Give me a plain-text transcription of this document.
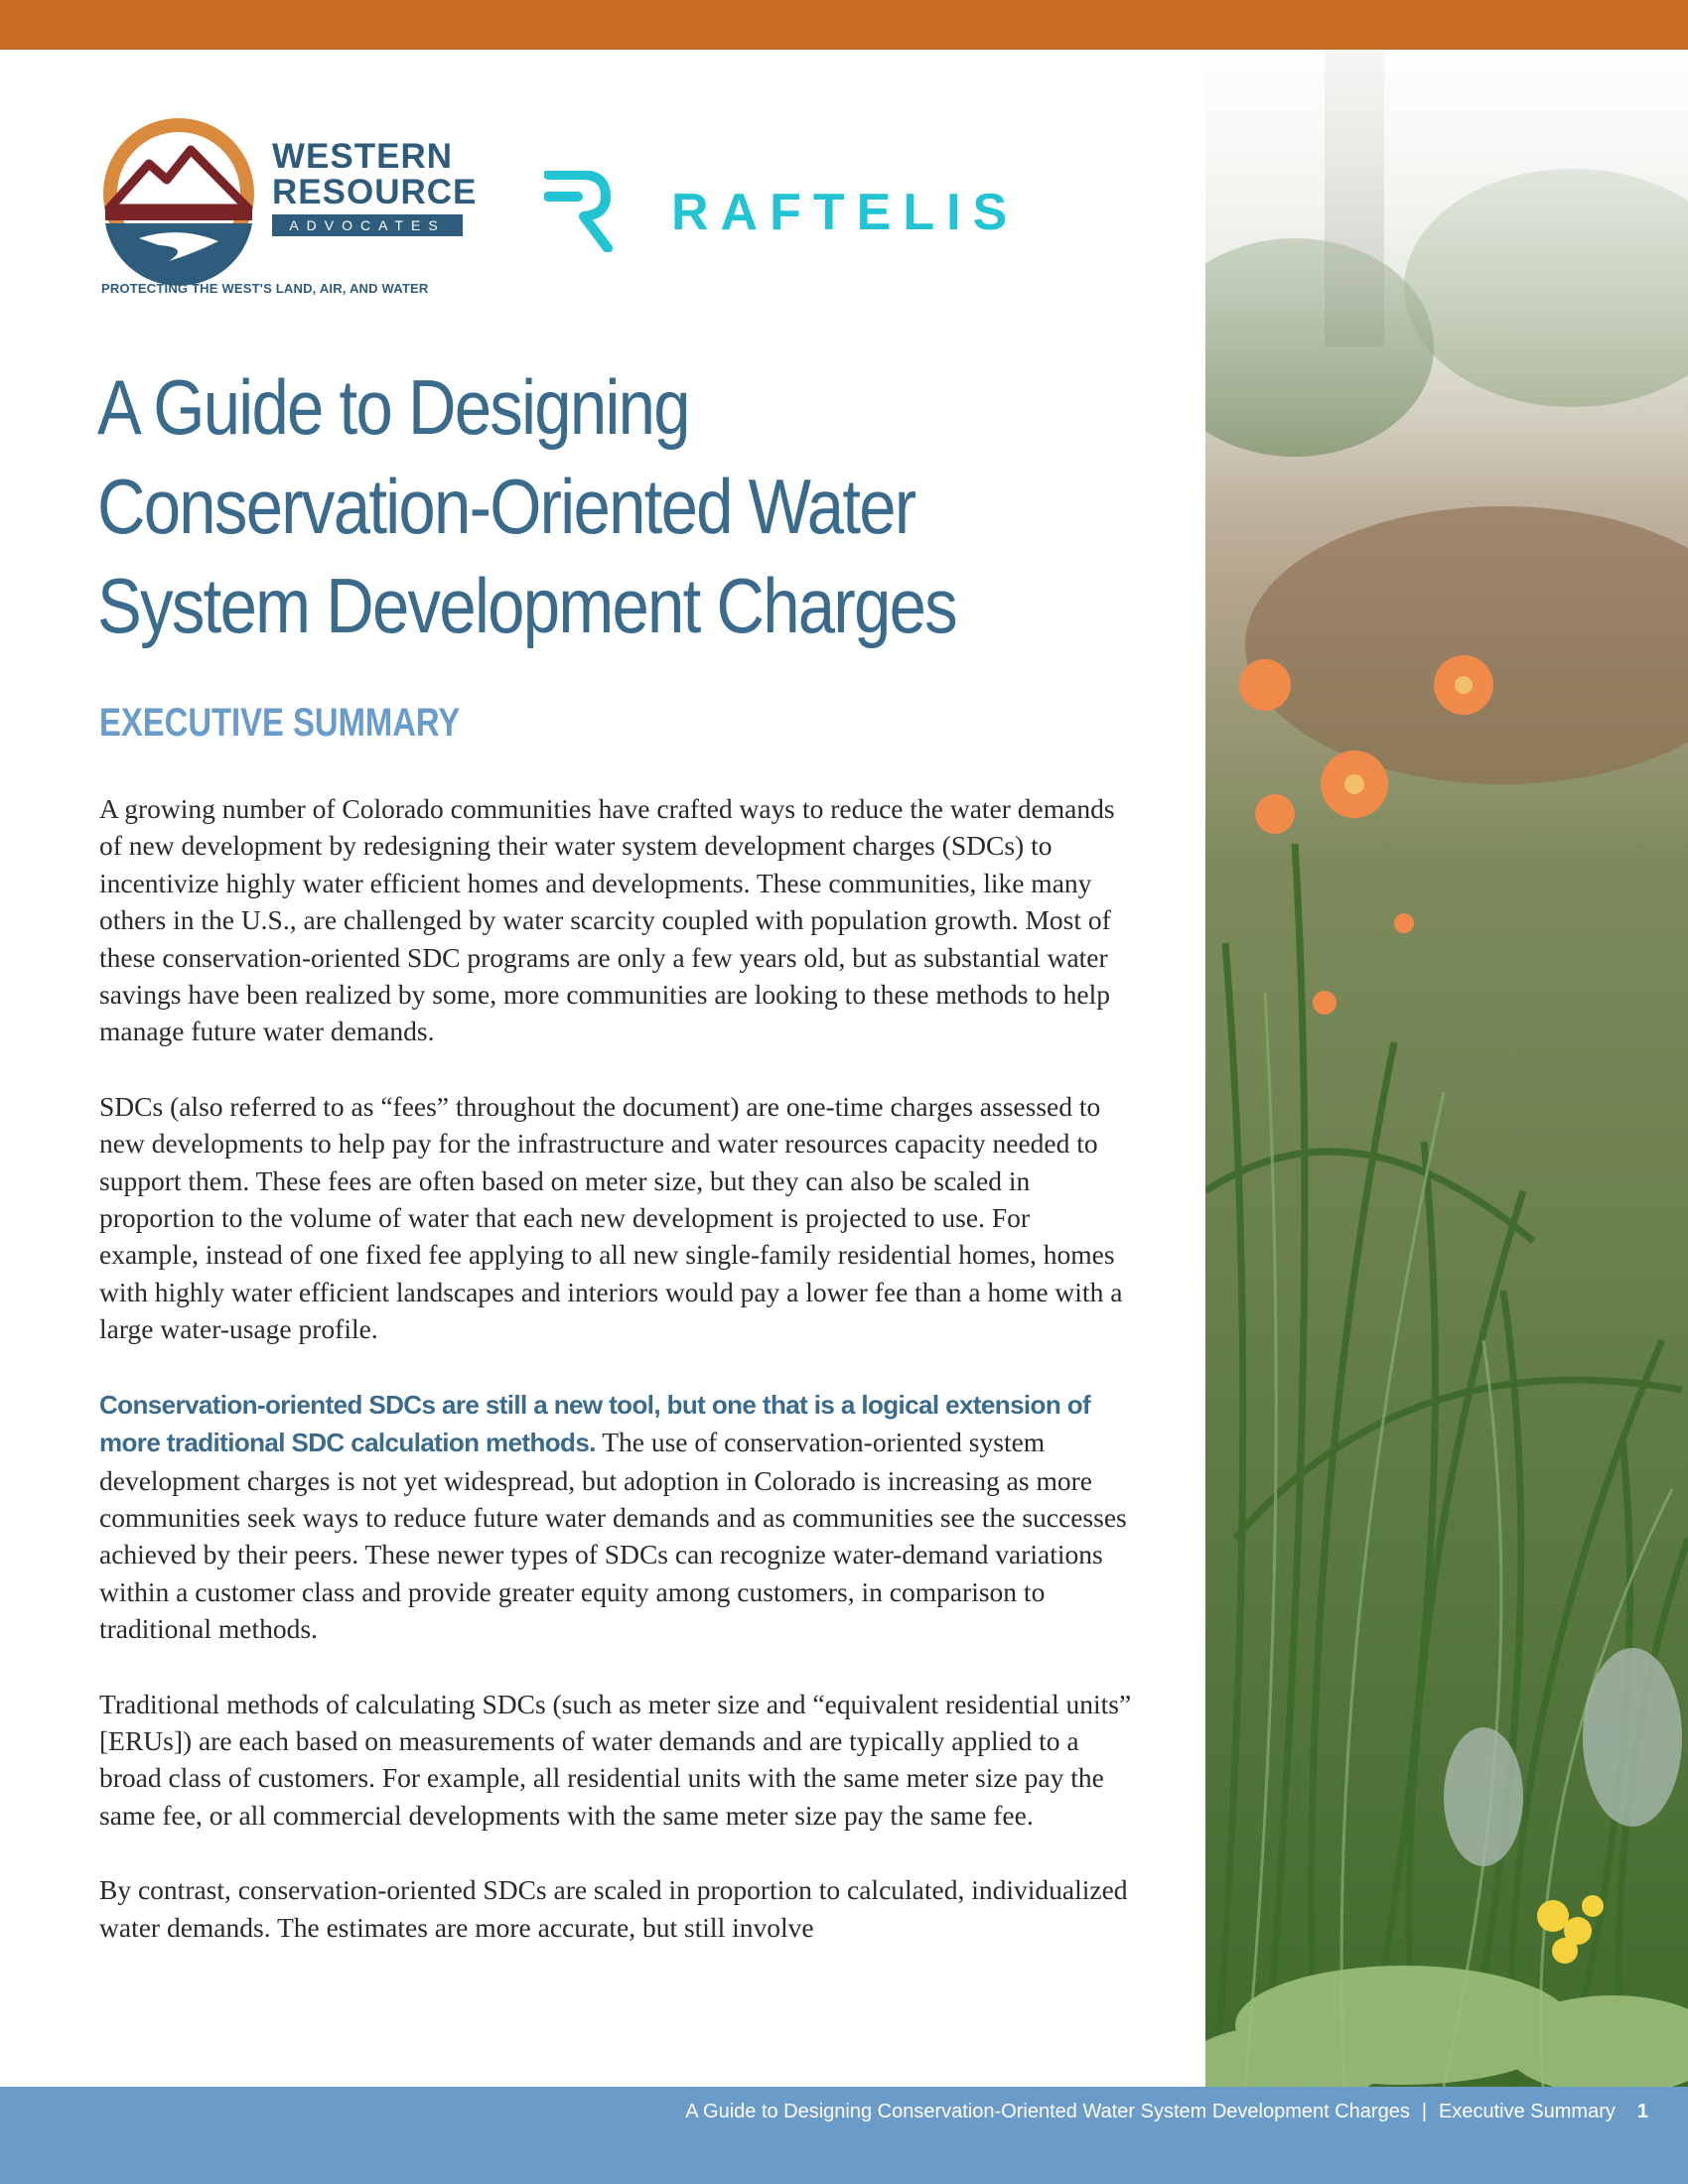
WESTERN
RESOURCE
ADVOCATES
PROTECTING THE WEST'S LAND, AIR, AND WATER
RAFTELIS
A Guide to Designing
Conservation-Oriented Water
System Development Charges
EXECUTIVE SUMMARY

A growing number of Colorado communities have crafted ways to reduce the water demands of new development by redesigning their water system development charges (SDCs) to incentivize highly water efficient homes and developments. These communities, like many others in the U.S., are challenged by water scarcity coupled with population growth. Most of these conservation-oriented SDC programs are only a few years old, but as substantial water savings have been realized by some, more communities are looking to these methods to help manage future water demands.

SDCs (also referred to as “fees” throughout the document) are one-time charges assessed to new developments to help pay for the infrastructure and water resources capacity needed to support them. These fees are often based on meter size, but they can also be scaled in proportion to the volume of water that each new development is projected to use. For example, instead of one fixed fee applying to all new single-family residential homes, homes with highly water efficient landscapes and interiors would pay a lower fee than a home with a large water-usage profile.

Conservation-oriented SDCs are still a new tool, but one that is a logical extension of more traditional SDC calculation methods. The use of conservation-oriented system development charges is not yet widespread, but adoption in Colorado is increasing as more communities seek ways to reduce future water demands and as communities see the successes achieved by their peers. These newer types of SDCs can recognize water-demand variations within a customer class and provide greater equity among customers, in comparison to traditional methods.

Traditional methods of calculating SDCs (such as meter size and “equivalent residential units” [ERUs]) are each based on measurements of water demands and are typically applied to a broad class of customers. For example, all residential units with the same meter size pay the same fee, or all commercial developments with the same meter size pay the same fee.

By contrast, conservation-oriented SDCs are scaled in proportion to calculated, individualized water demands. The estimates are more accurate, but still involve

A Guide to Designing Conservation-Oriented Water System Development Charges | Executive Summary 1
